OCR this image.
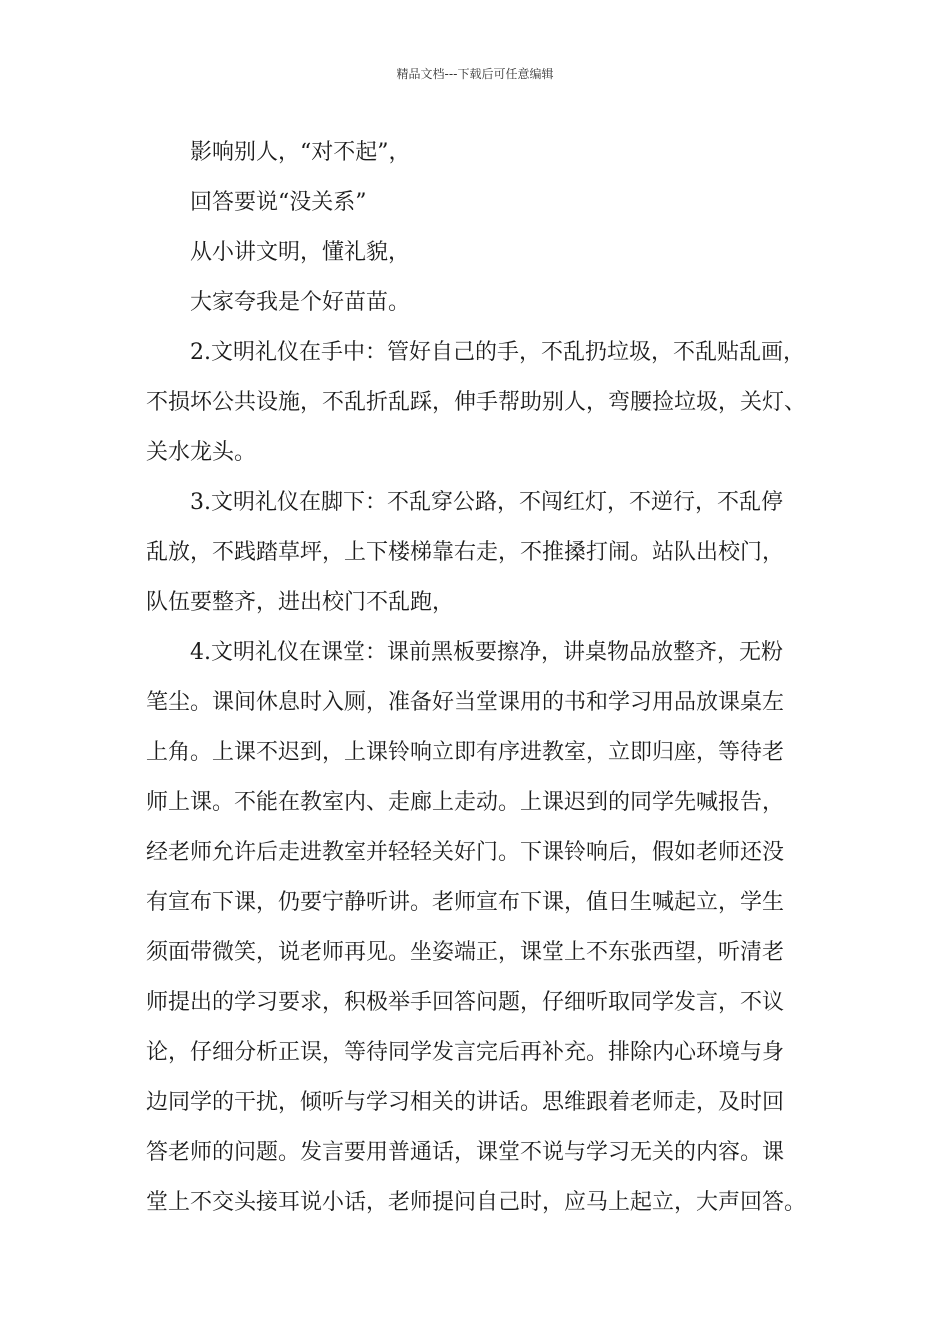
精品文档---下载后可任意编辑
影响别人，“对不起”，
回答要说“没关系”
从小讲文明，懂礼貌，
大家夸我是个好苗苗。
2.文明礼仪在手中：管好自己的手，不乱扔垃圾，不乱贴乱画，
不损坏公共设施，不乱折乱踩，伸手帮助别人，弯腰捡垃圾，关灯、
关水龙头。
3.文明礼仪在脚下：不乱穿公路，不闯红灯，不逆行，不乱停
乱放，不践踏草坪，上下楼梯靠右走，不推搡打闹。站队出校门，
队伍要整齐，进出校门不乱跑，
4.文明礼仪在课堂：课前黑板要擦净，讲桌物品放整齐，无粉
笔尘。课间休息时入厕，准备好当堂课用的书和学习用品放课桌左
上角。上课不迟到，上课铃响立即有序进教室，立即归座，等待老
师上课。不能在教室内、走廊上走动。上课迟到的同学先喊报告，
经老师允许后走进教室并轻轻关好门。下课铃响后，假如老师还没
有宣布下课，仍要宁静听讲。老师宣布下课，值日生喊起立，学生
须面带微笑，说老师再见。坐姿端正，课堂上不东张西望，听清老
师提出的学习要求，积极举手回答问题，仔细听取同学发言，不议
论，仔细分析正误，等待同学发言完后再补充。排除内心环境与身
边同学的干扰，倾听与学习相关的讲话。思维跟着老师走，及时回
答老师的问题。发言要用普通话，课堂不说与学习无关的内容。课
堂上不交头接耳说小话，老师提问自己时，应马上起立，大声回答。
